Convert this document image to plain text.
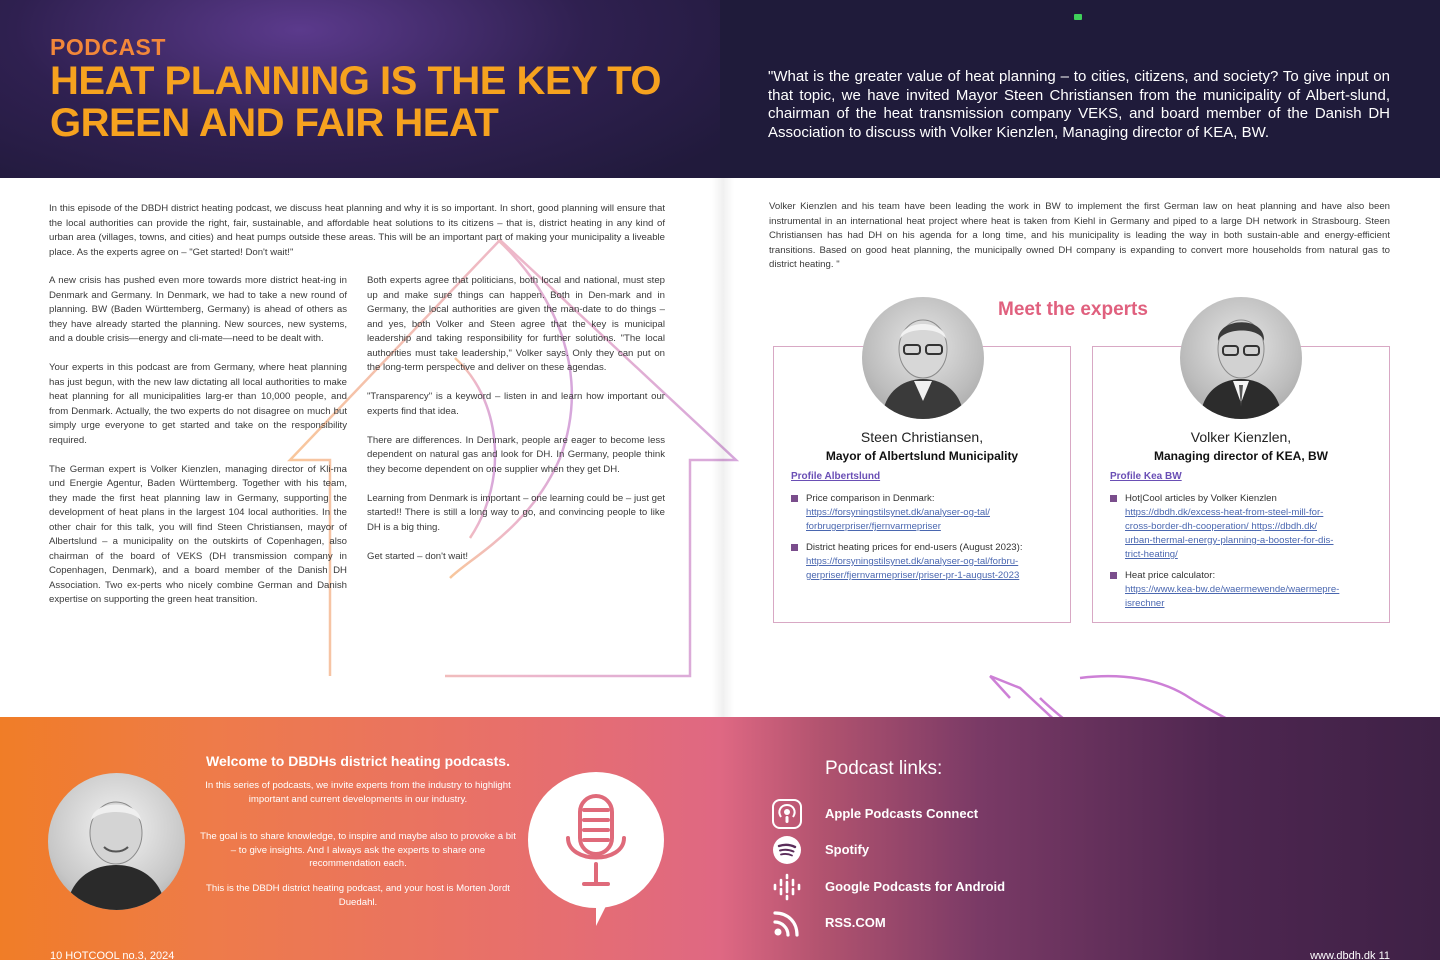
PODCAST
HEAT PLANNING IS THE KEY TO GREEN AND FAIR HEAT
"What is the greater value of heat planning – to cities, citizens, and society? To give input on that topic, we have invited Mayor Steen Christiansen from the municipality of Albert-slund, chairman of the heat transmission company VEKS, and board member of the Danish DH Association to discuss with Volker Kienzlen, Managing director of KEA, BW.
In this episode of the DBDH district heating podcast, we discuss heat planning and why it is so important. In short, good planning will ensure that the local authorities can provide the right, fair, sustainable, and affordable heat solutions to its citizens – that is, district heating in any kind of urban area (villages, towns, and cities) and heat pumps outside these areas. This will be an important part of making your municipality a liveable place. As the experts agree on – "Get started! Don't wait!"

A new crisis has pushed even more towards more district heat-ing in Denmark and Germany. In Denmark, we had to take a new round of planning. BW (Baden Württemberg, Germany) is ahead of others as they have already started the planning. New sources, new systems, and a double crisis—energy and cli-mate—need to be dealt with.

Your experts in this podcast are from Germany, where heat planning has just begun, with the new law dictating all local authorities to make heat planning for all municipalities larg-er than 10,000 people, and from Denmark. Actually, the two experts do not disagree on much but simply urge everyone to get started and take on the responsibility required.

The German expert is Volker Kienzlen, managing director of Kli-ma und Energie Agentur, Baden Württemberg. Together with his team, they made the first heat planning law in Germany, supporting the development of heat plans in the largest 104 local authorities. In the other chair for this talk, you will find Steen Christiansen, mayor of Albertslund – a municipality on the outskirts of Copenhagen, also chairman of the board of VEKS (DH transmission company in Copenhagen, Denmark), and a board member of the Danish DH Association. Two ex-perts who nicely combine German and Danish expertise on supporting the green heat transition.

Both experts agree that politicians, both local and national, must step up and make sure things can happen. Both in Den-mark and in Germany, the local authorities are given the man-date to do things – and yes, both Volker and Steen agree that the key is municipal leadership and taking responsibility for further solutions. "The local authorities must take leadership," Volker says. Only they can put on the long-term perspective and deliver on these agendas.

"Transparency" is a keyword – listen in and learn how important our experts find that idea.

There are differences. In Denmark, people are eager to become less dependent on natural gas and look for DH. In Germany, people think they become dependent on one supplier when they get DH.

Learning from Denmark is important – one learning could be – just get started!! There is still a long way to go, and convincing people to like DH is a big thing.

Get started – don't wait!

Volker Kienzlen and his team have been leading the work in BW to implement the first German law on heat planning and have also been instrumental in an international heat project where heat is taken from Kiehl in Germany and piped to a large DH network in Strasbourg. Steen Christiansen has had DH on his agenda for a long time, and his municipality is leading the way in both sustain-able and energy-efficient transitions. Based on good heat planning, the municipally owned DH company is expanding to convert more households from natural gas to district heating. "
Meet the experts
Steen Christiansen,
Mayor of Albertslund Municipality
Profile Albertslund
Price comparison in Denmark:
https://forsyningstilsynet.dk/analyser-og-tal/
forbrugerpriser/fjernvarmepriser
District heating prices for end-users (August 2023):
https://forsyningstilsynet.dk/analyser-og-tal/forbru-
gerpriser/fjernvarmepriser/priser-pr-1-august-2023
Volker Kienzlen,
Managing director of KEA, BW
Profile Kea BW
Hot|Cool articles by Volker Kienzlen
https://dbdh.dk/excess-heat-from-steel-mill-for-
cross-border-dh-cooperation/ https://dbdh.dk/
urban-thermal-energy-planning-a-booster-for-dis-
trict-heating/
Heat price calculator:
https://www.kea-bw.de/waermewende/waermepre-
isrechner
Welcome to DBDHs district heating podcasts.
In this series of podcasts, we invite experts from the industry to highlight important and current developments in our industry.
The goal is to share knowledge, to inspire and maybe also to provoke a bit – to give insights. And I always ask the experts to share one recommendation each.
This is the DBDH district heating podcast, and your host is Morten Jordt Duedahl.
Podcast links:
Apple Podcasts Connect
Spotify
Google Podcasts for Android
RSS.COM
10 HOTCOOL no.3, 2024	www.dbdh.dk 11
